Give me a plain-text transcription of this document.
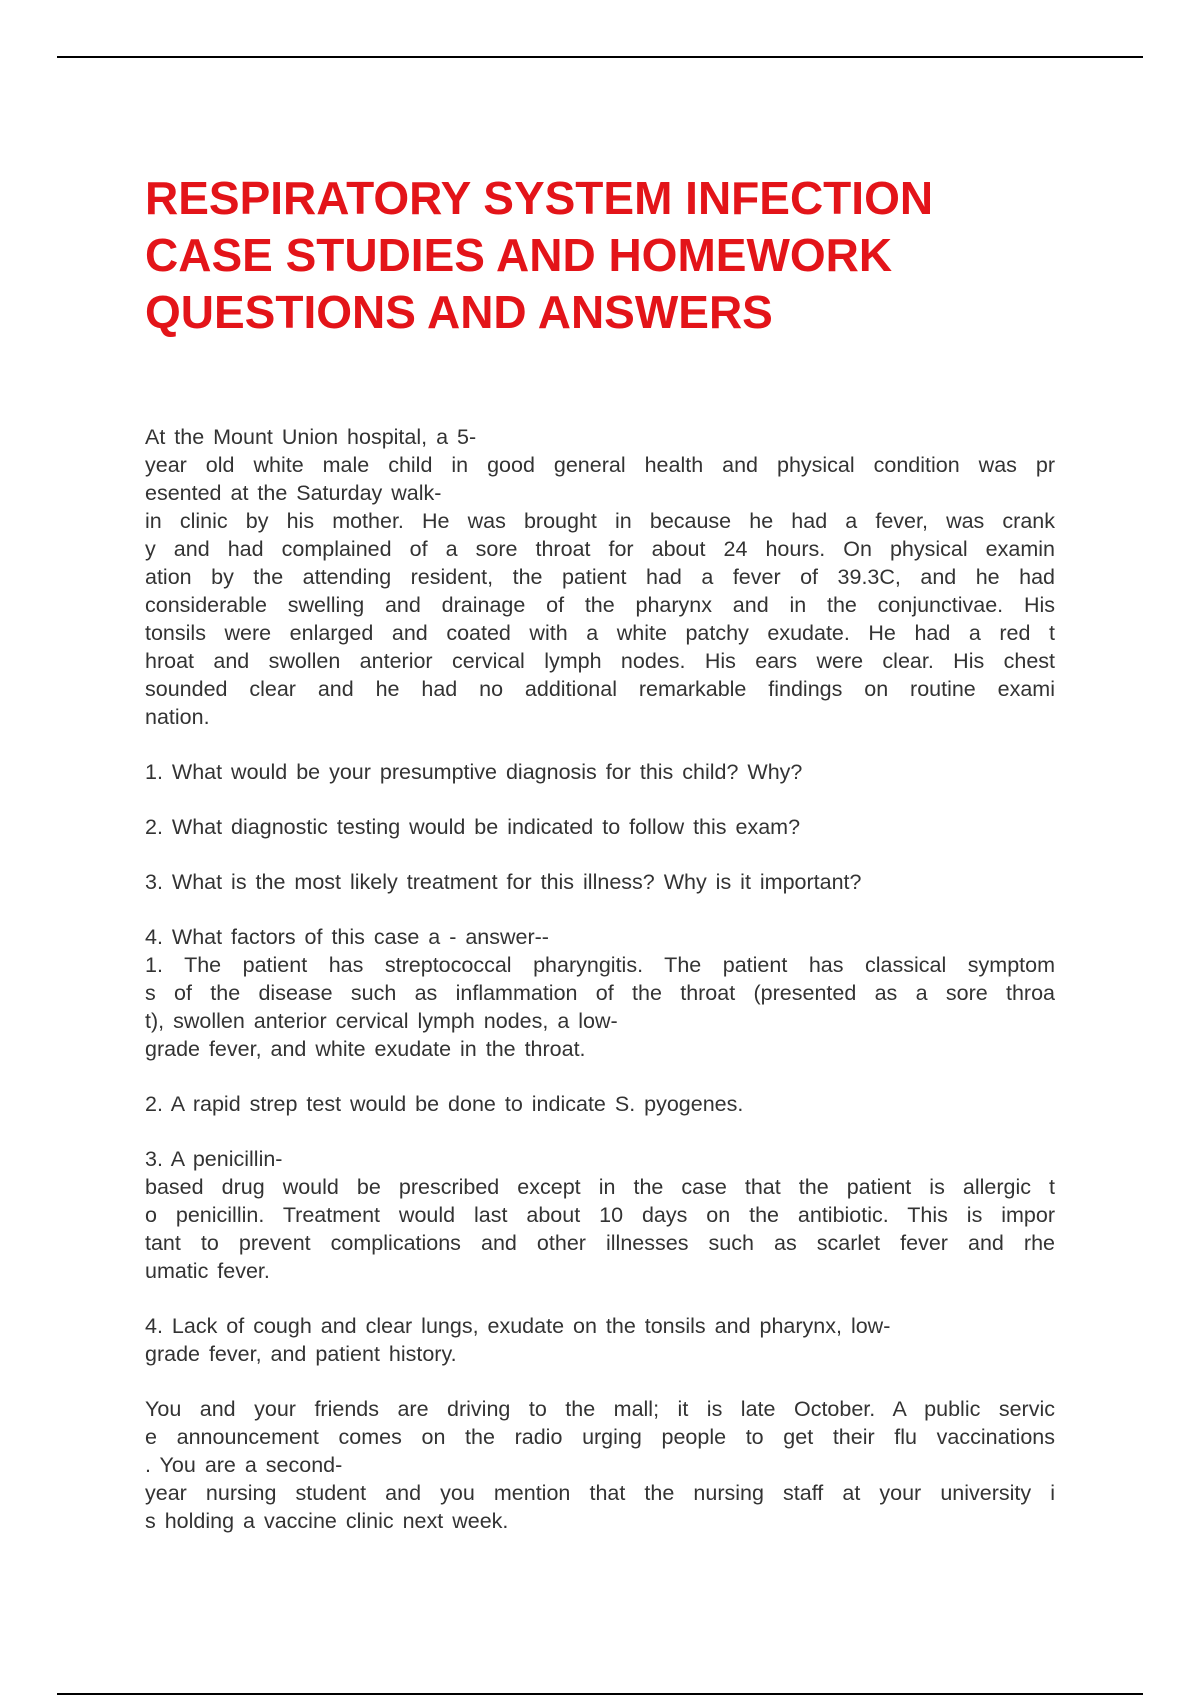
RESPIRATORY SYSTEM INFECTION
CASE STUDIES AND HOMEWORK
QUESTIONS AND ANSWERS

At the Mount Union hospital, a 5-
year old white male child in good general health and physical condition was pr
esented at the Saturday walk-
in clinic by his mother. He was brought in because he had a fever, was crank
y and had complained of a sore throat for about 24 hours. On physical examin
ation by the attending resident, the patient had a fever of 39.3C, and he had
considerable swelling and drainage of the pharynx and in the conjunctivae. His
tonsils were enlarged and coated with a white patchy exudate. He had a red t
hroat and swollen anterior cervical lymph nodes. His ears were clear. His chest
sounded clear and he had no additional remarkable findings on routine exami
nation.

1. What would be your presumptive diagnosis for this child? Why?

2. What diagnostic testing would be indicated to follow this exam?

3. What is the most likely treatment for this illness? Why is it important?

4. What factors of this case a - answer--
1. The patient has streptococcal pharyngitis. The patient has classical symptom
s of the disease such as inflammation of the throat (presented as a sore throa
t), swollen anterior cervical lymph nodes, a low-
grade fever, and white exudate in the throat.

2. A rapid strep test would be done to indicate S. pyogenes.

3. A penicillin-
based drug would be prescribed except in the case that the patient is allergic t
o penicillin. Treatment would last about 10 days on the antibiotic. This is impor
tant to prevent complications and other illnesses such as scarlet fever and rhe
umatic fever.

4. Lack of cough and clear lungs, exudate on the tonsils and pharynx, low-
grade fever, and patient history.

You and your friends are driving to the mall; it is late October. A public servic
e announcement comes on the radio urging people to get their flu vaccinations
. You are a second-
year nursing student and you mention that the nursing staff at your university i
s holding a vaccine clinic next week.
